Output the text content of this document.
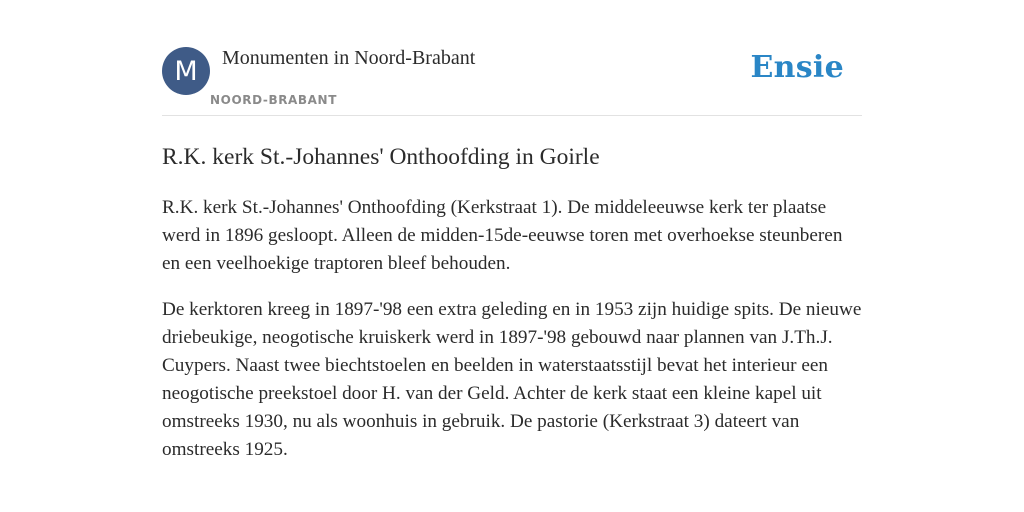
M	Monumenten in Noord-Brabant
NOORD-BRABANT
Ensie
R.K. kerk St.-Johannes' Onthoofding in Goirle

R.K. kerk St.-Johannes' Onthoofding (Kerkstraat 1). De middeleeuwse kerk ter plaatse werd in 1896 gesloopt. Alleen de midden-15de-eeuwse toren met overhoekse steunberen en een veelhoekige traptoren bleef behouden.

De kerktoren kreeg in 1897-'98 een extra geleding en in 1953 zijn huidige spits. De nieuwe driebeukige, neogotische kruiskerk werd in 1897-'98 gebouwd naar plannen van J.Th.J. Cuypers. Naast twee biechtstoelen en beelden in waterstaatsstijl bevat het interieur een neogotische preekstoel door H. van der Geld. Achter de kerk staat een kleine kapel uit omstreeks 1930, nu als woonhuis in gebruik. De pastorie (Kerkstraat 3) dateert van omstreeks 1925.
